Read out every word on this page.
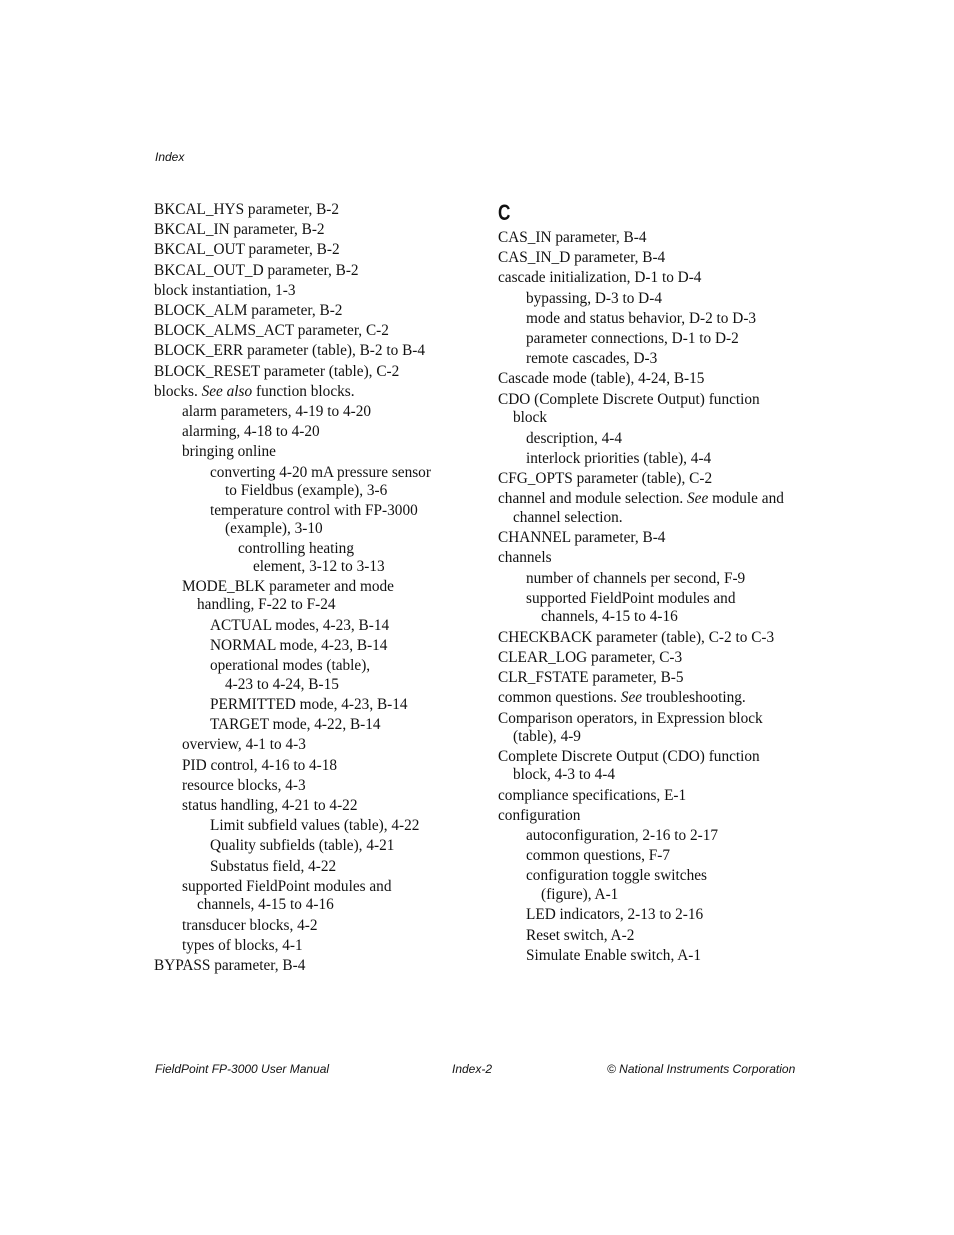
Index
BKCAL_HYS parameter, B-2
BKCAL_IN parameter, B-2
BKCAL_OUT parameter, B-2
BKCAL_OUT_D parameter, B-2
block instantiation, 1-3
BLOCK_ALM parameter, B-2
BLOCK_ALMS_ACT parameter, C-2
BLOCK_ERR parameter (table), B-2 to B-4
BLOCK_RESET parameter (table), C-2
blocks. See also function blocks.
alarm parameters, 4-19 to 4-20
alarming, 4-18 to 4-20
bringing online
converting 4-20 mA pressure sensor
to Fieldbus (example), 3-6
temperature control with FP-3000
(example), 3-10
controlling heating
element, 3-12 to 3-13
MODE_BLK parameter and mode
handling, F-22 to F-24
ACTUAL modes, 4-23, B-14
NORMAL mode, 4-23, B-14
operational modes (table),
4-23 to 4-24, B-15
PERMITTED mode, 4-23, B-14
TARGET mode, 4-22, B-14
overview, 4-1 to 4-3
PID control, 4-16 to 4-18
resource blocks, 4-3
status handling, 4-21 to 4-22
Limit subfield values (table), 4-22
Quality subfields (table), 4-21
Substatus field, 4-22
supported FieldPoint modules and
channels, 4-15 to 4-16
transducer blocks, 4-2
types of blocks, 4-1
BYPASS parameter, B-4
C
CAS_IN parameter, B-4
CAS_IN_D parameter, B-4
cascade initialization, D-1 to D-4
bypassing, D-3 to D-4
mode and status behavior, D-2 to D-3
parameter connections, D-1 to D-2
remote cascades, D-3
Cascade mode (table), 4-24, B-15
CDO (Complete Discrete Output) function
block
description, 4-4
interlock priorities (table), 4-4
CFG_OPTS parameter (table), C-2
channel and module selection. See module and
channel selection.
CHANNEL parameter, B-4
channels
number of channels per second, F-9
supported FieldPoint modules and
channels, 4-15 to 4-16
CHECKBACK parameter (table), C-2 to C-3
CLEAR_LOG parameter, C-3
CLR_FSTATE parameter, B-5
common questions. See troubleshooting.
Comparison operators, in Expression block
(table), 4-9
Complete Discrete Output (CDO) function
block, 4-3 to 4-4
compliance specifications, E-1
configuration
autoconfiguration, 2-16 to 2-17
common questions, F-7
configuration toggle switches
(figure), A-1
LED indicators, 2-13 to 2-16
Reset switch, A-2
Simulate Enable switch, A-1
FieldPoint FP-3000 User Manual	Index-2	© National Instruments Corporation
